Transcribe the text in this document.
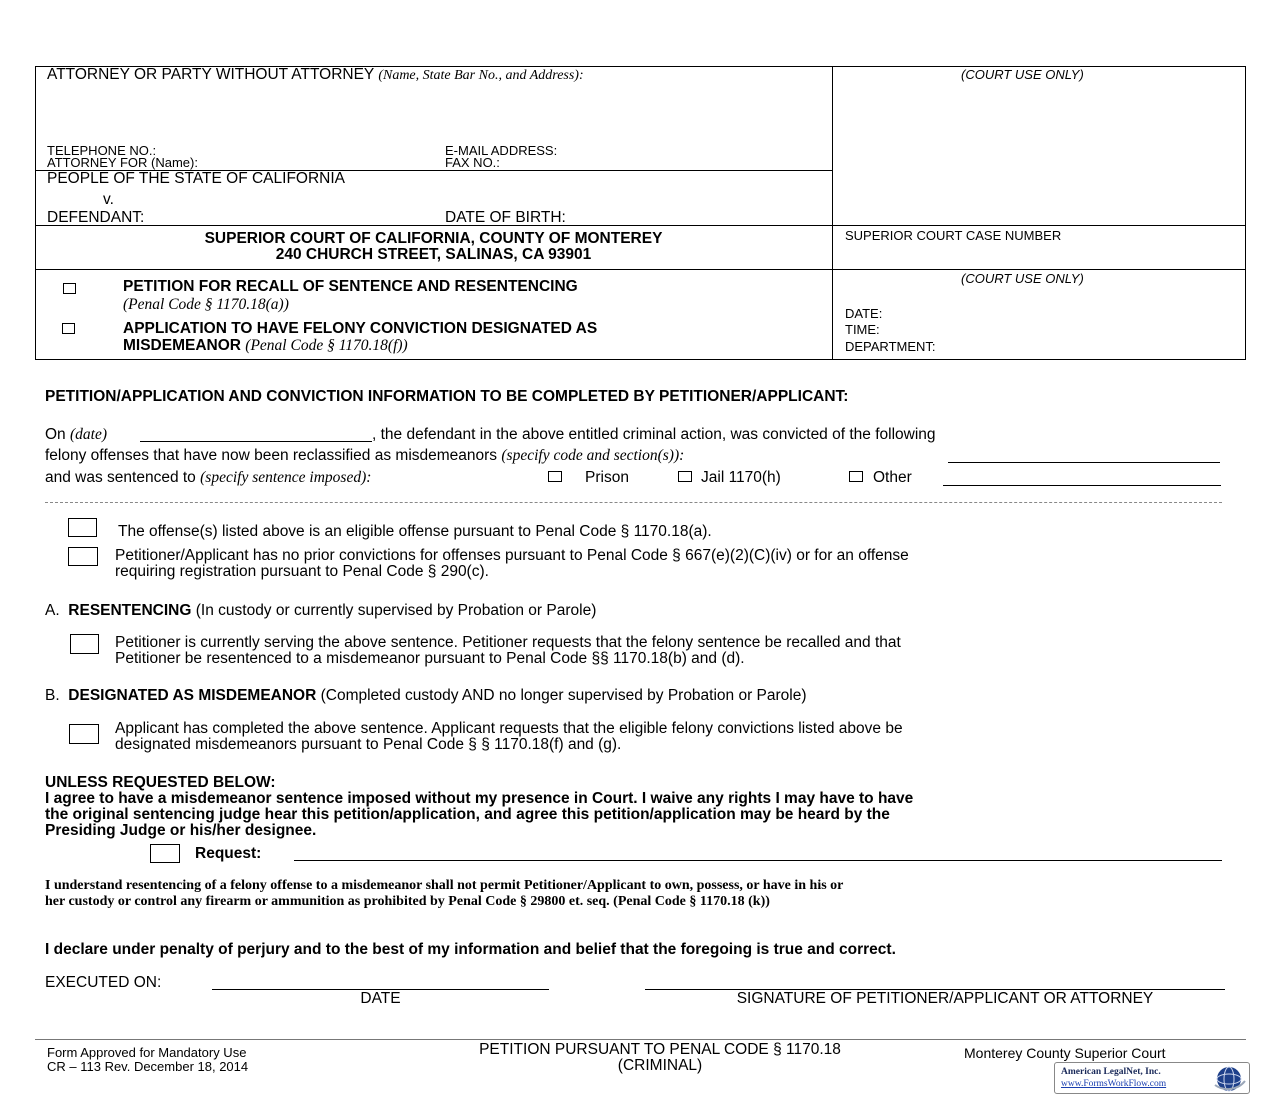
ATTORNEY OR PARTY WITHOUT ATTORNEY (Name, State Bar No., and Address):	(COURT USE ONLY)
TELEPHONE NO.:	E-MAIL ADDRESS:
ATTORNEY FOR (Name):	FAX NO.:
PEOPLE OF THE STATE OF CALIFORNIA
v.
DEFENDANT:	DATE OF BIRTH:
SUPERIOR COURT OF CALIFORNIA, COUNTY OF MONTEREY
240 CHURCH STREET, SALINAS, CA 93901
SUPERIOR COURT CASE NUMBER
PETITION FOR RECALL OF SENTENCE AND RESENTENCING
(Penal Code § 1170.18(a))
APPLICATION TO HAVE FELONY CONVICTION DESIGNATED AS
MISDEMEANOR (Penal Code § 1170.18(f))
(COURT USE ONLY)
DATE:
TIME:
DEPARTMENT:
PETITION/APPLICATION AND CONVICTION INFORMATION TO BE COMPLETED BY PETITIONER/APPLICANT:
On (date)	, the defendant in the above entitled criminal action, was convicted of the following
felony offenses that have now been reclassified as misdemeanors (specify code and section(s)):
and was sentenced to (specify sentence imposed):	Prison	Jail 1170(h)	Other
The offense(s) listed above is an eligible offense pursuant to Penal Code § 1170.18(a).
Petitioner/Applicant has no prior convictions for offenses pursuant to Penal Code § 667(e)(2)(C)(iv) or for an offense
requiring registration pursuant to Penal Code § 290(c).
A. RESENTENCING (In custody or currently supervised by Probation or Parole)
Petitioner is currently serving the above sentence. Petitioner requests that the felony sentence be recalled and that
Petitioner be resentenced to a misdemeanor pursuant to Penal Code §§ 1170.18(b) and (d).
B. DESIGNATED AS MISDEMEANOR (Completed custody AND no longer supervised by Probation or Parole)
Applicant has completed the above sentence. Applicant requests that the eligible felony convictions listed above be
designated misdemeanors pursuant to Penal Code § § 1170.18(f) and (g).
UNLESS REQUESTED BELOW:
I agree to have a misdemeanor sentence imposed without my presence in Court. I waive any rights I may have to have
the original sentencing judge hear this petition/application, and agree this petition/application may be heard by the
Presiding Judge or his/her designee.
Request:
I understand resentencing of a felony offense to a misdemeanor shall not permit Petitioner/Applicant to own, possess, or have in his or
her custody or control any firearm or ammunition as prohibited by Penal Code § 29800 et. seq. (Penal Code § 1170.18 (k))
I declare under penalty of perjury and to the best of my information and belief that the foregoing is true and correct.
EXECUTED ON:
DATE	SIGNATURE OF PETITIONER/APPLICANT OR ATTORNEY
Form Approved for Mandatory Use
CR – 113 Rev. December 18, 2014
PETITION PURSUANT TO PENAL CODE § 1170.18
(CRIMINAL)
Monterey County Superior Court
American LegalNet, Inc.
www.FormsWorkFlow.com
